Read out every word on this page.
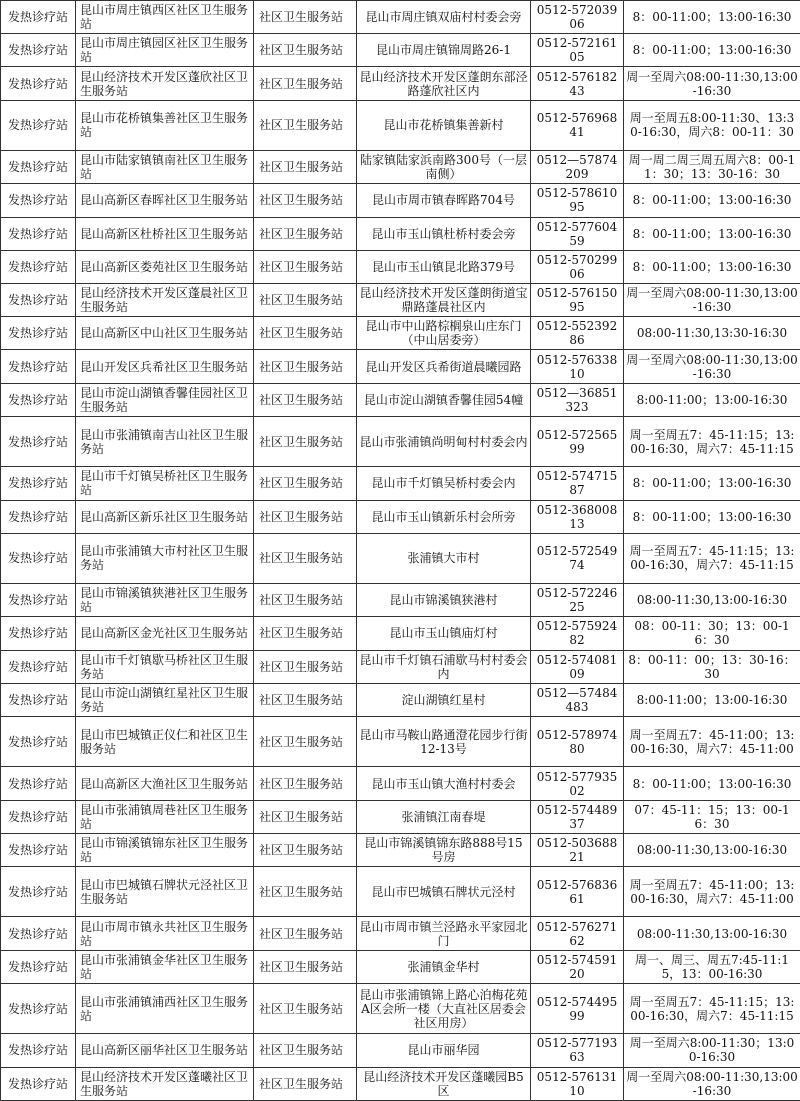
发热诊疗站	昆山市周庄镇西区社区卫生服务站	社区卫生服务站	昆山市周庄镇双庙村村委会旁	0512-57203906	8：00-11:00；13:00-16:30
发热诊疗站	昆山市周庄镇园区社区卫生服务站	社区卫生服务站	昆山市周庄镇锦周路26-1	0512-57216105	8：00-11:00；13:00-16:30
发热诊疗站	昆山经济技术开发区蓬欣社区卫生服务站	社区卫生服务站	昆山经济技术开发区蓬朗东部泾路蓬欣社区内	0512-57618243	周一至周六08:00-11:30,13:00-16:30
发热诊疗站	昆山市花桥镇集善社区卫生服务站	社区卫生服务站	昆山市花桥镇集善新村	0512-57696841	周一至周五8:00-11:30、13:30-16:30，周六8：00-11：30
发热诊疗站	昆山市陆家镇镇南社区卫生服务站	社区卫生服务站	陆家镇陆家浜南路300号（一层南侧）	0512—57874209	周一周二周三周五周六8：00-11：30；13：30-16：30
发热诊疗站	昆山高新区春晖社区卫生服务站	社区卫生服务站	昆山市周市镇春晖路704号	0512-57861095	8：00-11:00；13:00-16:30
发热诊疗站	昆山高新区杜桥社区卫生服务站	社区卫生服务站	昆山市玉山镇杜桥村委会旁	0512-57760459	8：00-11:00；13:00-16:30
发热诊疗站	昆山高新区娄苑社区卫生服务站	社区卫生服务站	昆山市玉山镇昆北路379号	0512-57029906	8：00-11:00；13:00-16:30
发热诊疗站	昆山经济技术开发区蓬晨社区卫生服务站	社区卫生服务站	昆山经济技术开发区蓬朗街道宝鼎路蓬晨社区内	0512-57615095	周一至周六08:00-11:30,13:00-16:30
发热诊疗站	昆山高新区中山社区卫生服务站	社区卫生服务站	昆山市中山路棕榈泉山庄东门（中山居委旁）	0512-55239286	08:00-11:30,13:30-16:30
发热诊疗站	昆山开发区兵希社区卫生服务站	社区卫生服务站	昆山开发区兵希街道晨曦园路	0512-57633810	周一至周六08:00-11:30,13:00-16:30
发热诊疗站	昆山市淀山湖镇香馨佳园社区卫生服务站	社区卫生服务站	昆山市淀山湖镇香馨佳园54幢	0512—36851323	8:00-11:00；13:00-16:30
发热诊疗站	昆山市张浦镇南吉山社区卫生服务站	社区卫生服务站	昆山市张浦镇尚明甸村村委会内	0512-57256599	周一至周五7：45-11:15；13:00-16:30，周六7：45-11:15
发热诊疗站	昆山市千灯镇吴桥社区卫生服务站	社区卫生服务站	昆山市千灯镇吴桥村委会内	0512-57471587	8：00-11:00；13:00-16:30
发热诊疗站	昆山高新区新乐社区卫生服务站	社区卫生服务站	昆山市玉山镇新乐村会所旁	0512-36800813	8：00-11:00；13:00-16:30
发热诊疗站	昆山市张浦镇大市村社区卫生服务站	社区卫生服务站	张浦镇大市村	0512-57254974	周一至周五7：45-11:15；13:00-16:30，周六7：45-11:15
发热诊疗站	昆山市锦溪镇狭港社区卫生服务站	社区卫生服务站	昆山市锦溪镇狭港村	0512-57224625	08:00-11:30,13:00-16:30
发热诊疗站	昆山高新区金光社区卫生服务站	社区卫生服务站	昆山市玉山镇庙灯村	0512-57592482	08：00-11：30；13：00-16：30
发热诊疗站	昆山市千灯镇歇马桥社区卫生服务站	社区卫生服务站	昆山市千灯镇石浦歇马村村委会内	0512-57408109	8：00-11：00；13：30-16：30
发热诊疗站	昆山市淀山湖镇红星社区卫生服务站	社区卫生服务站	淀山湖镇红星村	0512—57484483	8:00-11:00；13:00-16:30
发热诊疗站	昆山市巴城镇正仪仁和社区卫生服务站	社区卫生服务站	昆山市马鞍山路通澄花园步行街12-13号	0512-57897480	周一至周五7：45-11:00；13:00-16:30，周六7：45-11:00
发热诊疗站	昆山高新区大渔社区卫生服务站	社区卫生服务站	昆山市玉山镇大渔村村委会	0512-57793502	8：00-11:00；13:00-16:30
发热诊疗站	昆山市张浦镇周巷社区卫生服务站	社区卫生服务站	张浦镇江南春堤	0512-57448937	07：45-11：15；13：00-16：30
发热诊疗站	昆山市锦溪镇锦东社区卫生服务站	社区卫生服务站	昆山市锦溪镇锦东路888号15号房	0512-50368821	08:00-11:30,13:00-16:30
发热诊疗站	昆山市巴城镇石牌状元泾社区卫生服务站	社区卫生服务站	昆山市巴城镇石牌状元泾村	0512-57683661	周一至周五7：45-11:00；13:00-16:30，周六7：45-11:00
发热诊疗站	昆山市周市镇永共社区卫生服务站	社区卫生服务站	昆山市周市镇兰泾路永平家园北门	0512-57627162	08:00-11:30,13:00-16:30
发热诊疗站	昆山市张浦镇金华社区卫生服务站	社区卫生服务站	张浦镇金华村	0512-57459120	周一、周三、周五7:45-11:15，13：00-16:30
发热诊疗站	昆山市张浦镇浦西社区卫生服务站	社区卫生服务站	昆山市张浦镇锦上路心泊梅花苑A区会所一楼（大直社区居委会社区用房）	0512-57449599	周一至周五7：45-11:15；13:00-16:30，周六7：45-11:15
发热诊疗站	昆山高新区丽华社区卫生服务站	社区卫生服务站	昆山市丽华园	0512-57719363	周一至周六8:00-11:30；13:00-16:30
发热诊疗站	昆山经济技术开发区蓬曦社区卫生服务站	社区卫生服务站	昆山经济技术开发区蓬曦园B5区	0512-57613110	周一至周六08:00-11:30,13:00-16:30
